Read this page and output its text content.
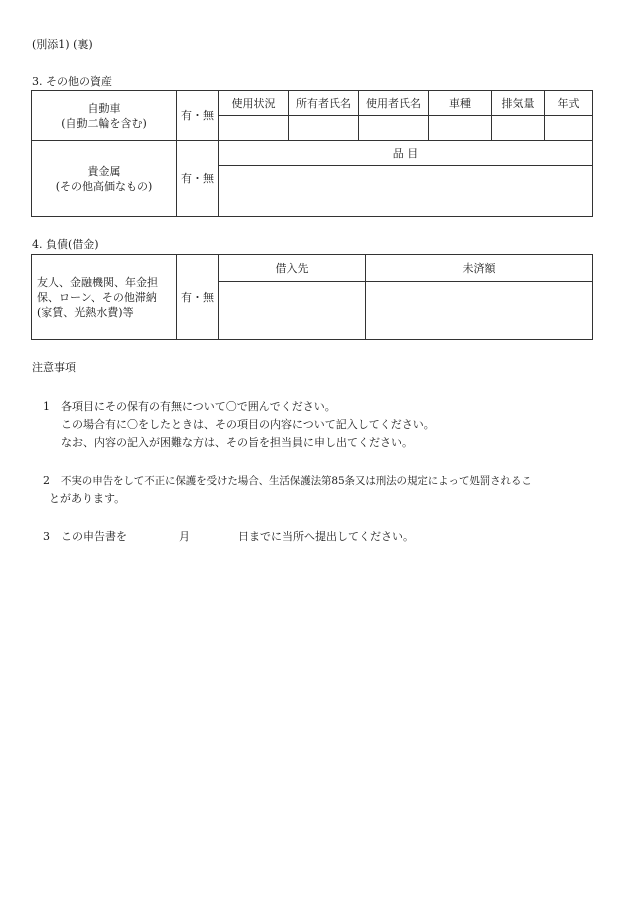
(別添1) (裏)
3. その他の資産
自動車
(自動二輪を含む)	有・無	使用状況	所有者氏名	使用者氏名	車種	排気量	年式

貴金属
(その他高価なもの)	有・無	品 目					

4. 負債(借金)
友人、金融機関、年金担
保、ローン、その他滞納
(家賃、光熱水費)等	有・無	借入先	未済額

注意事項
1 各項目にその保有の有無について〇で囲んでください。
この場合有に〇をしたときは、その項目の内容について記入してください。
なお、内容の記入が困難な方は、その旨を担当員に申し出てください。
2 不実の申告をして不正に保護を受けた場合、生活保護法第85条又は刑法の規定によって処罰されるこ
とがあります。
3 この申告書を	月	日までに当所へ提出してください。
